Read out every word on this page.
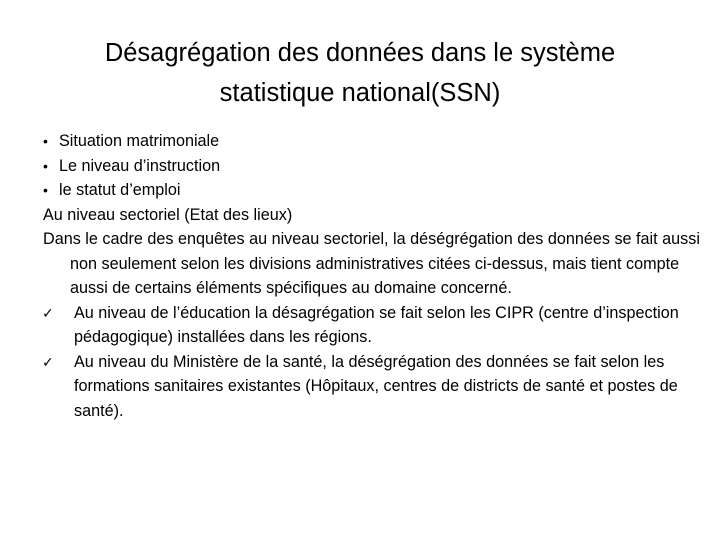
Désagrégation des données dans le système
statistique national(SSN)
• Situation matrimoniale
• Le niveau d’instruction
• le statut d’emploi
Au niveau sectoriel (Etat des lieux)
Dans le cadre des enquêtes au niveau sectoriel, la déségrégation des données se fait aussi non seulement selon les divisions administratives citées ci-dessus, mais tient compte aussi de certains éléments spécifiques au domaine concerné.
✓	Au niveau de l’éducation la désagrégation se fait selon les CIPR (centre d’inspection pédagogique) installées dans les régions.
✓	Au niveau du Ministère de la santé, la déségrégation des données se fait selon les formations sanitaires existantes (Hôpitaux, centres de districts de santé et postes de santé).
